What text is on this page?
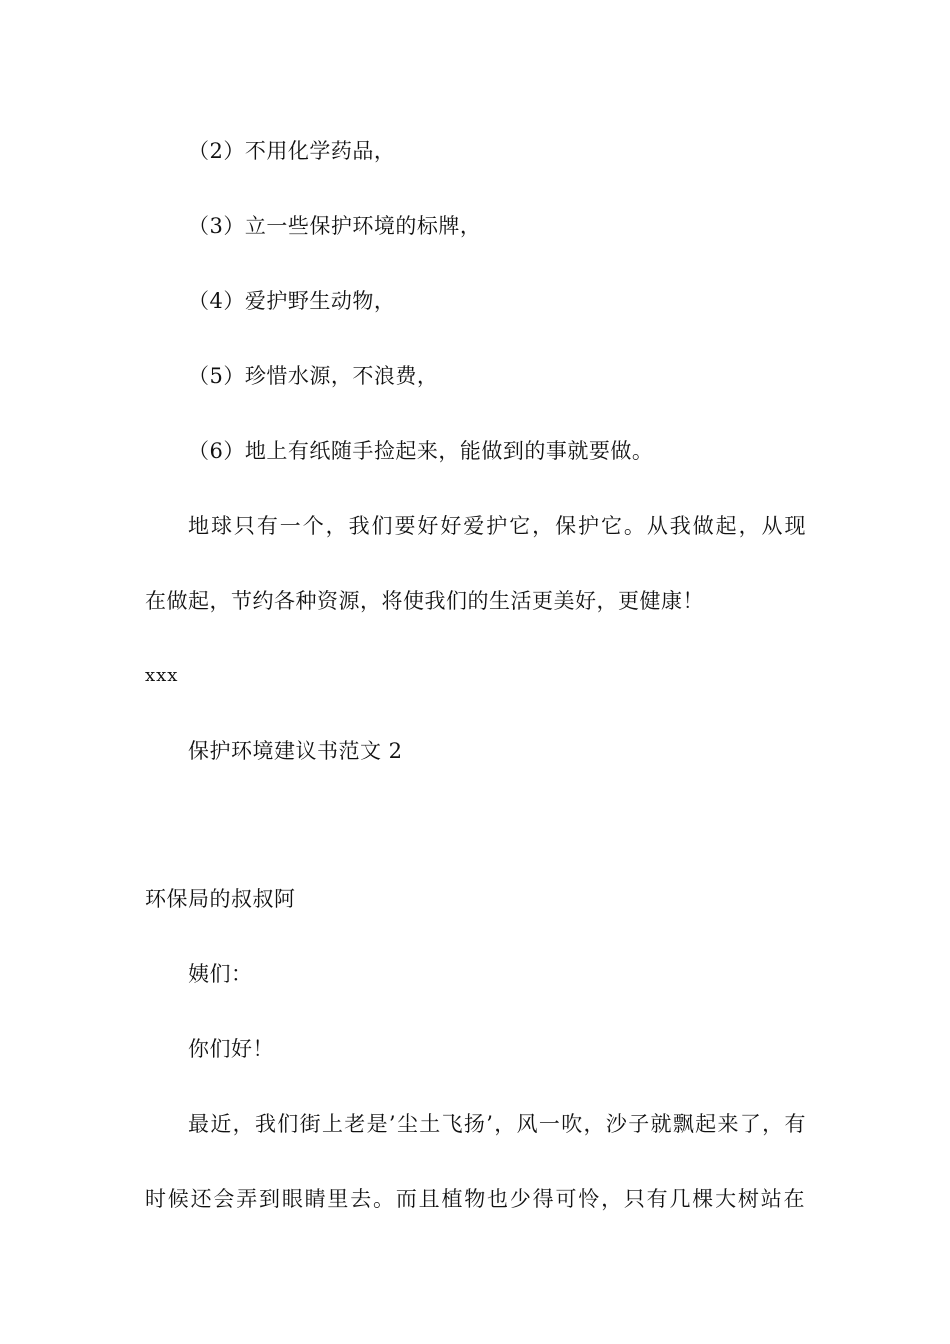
（2）不用化学药品，
（3）立一些保护环境的标牌，
（4）爱护野生动物，
（5）珍惜水源，不浪费，
（6）地上有纸随手捡起来，能做到的事就要做。
地球只有一个，我们要好好爱护它，保护它。从我做起，从现
在做起，节约各种资源，将使我们的生活更美好，更健康！
xxx
保护环境建议书范文 2
环保局的叔叔阿
姨们：
你们好！
最近，我们街上老是’尘土飞扬’，风一吹，沙子就飘起来了，有
时候还会弄到眼睛里去。而且植物也少得可怜，只有几棵大树站在
